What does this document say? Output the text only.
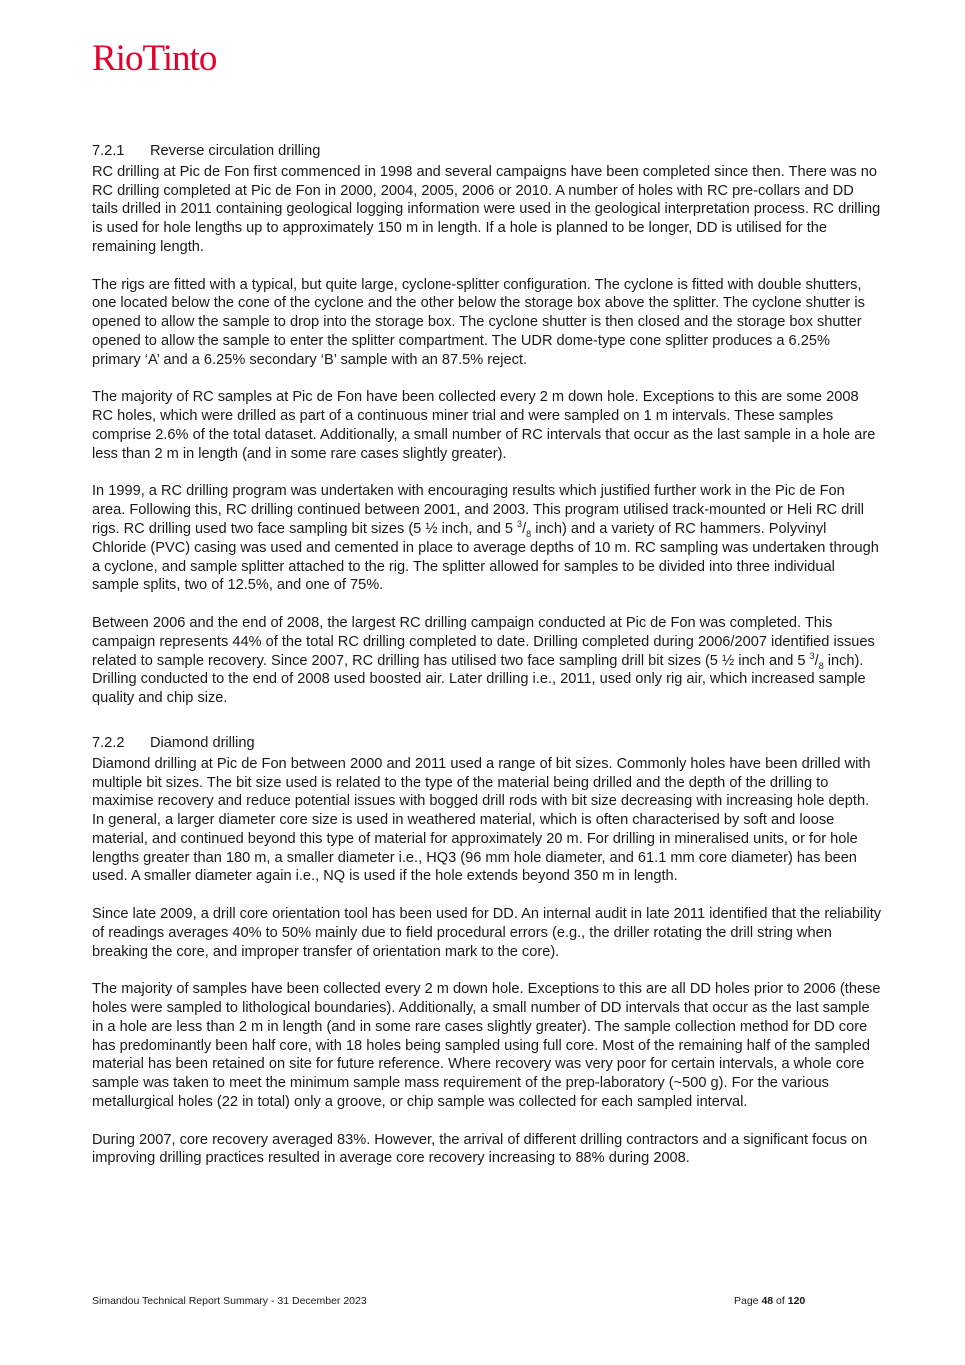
RioTinto
7.2.1	Reverse circulation drilling

RC drilling at Pic de Fon first commenced in 1998 and several campaigns have been completed since then. There was no RC drilling completed at Pic de Fon in 2000, 2004, 2005, 2006 or 2010. A number of holes with RC pre-collars and DD tails drilled in 2011 containing geological logging information were used in the geological interpretation process. RC drilling is used for hole lengths up to approximately 150 m in length. If a hole is planned to be longer, DD is utilised for the remaining length.

The rigs are fitted with a typical, but quite large, cyclone-splitter configuration. The cyclone is fitted with double shutters, one located below the cone of the cyclone and the other below the storage box above the splitter. The cyclone shutter is opened to allow the sample to drop into the storage box. The cyclone shutter is then closed and the storage box shutter opened to allow the sample to enter the splitter compartment. The UDR dome-type cone splitter produces a 6.25% primary ‘A’ and a 6.25% secondary ‘B’ sample with an 87.5% reject.

The majority of RC samples at Pic de Fon have been collected every 2 m down hole. Exceptions to this are some 2008 RC holes, which were drilled as part of a continuous miner trial and were sampled on 1 m intervals. These samples comprise 2.6% of the total dataset. Additionally, a small number of RC intervals that occur as the last sample in a hole are less than 2 m in length (and in some rare cases slightly greater).

In 1999, a RC drilling program was undertaken with encouraging results which justified further work in the Pic de Fon area. Following this, RC drilling continued between 2001, and 2003. This program utilised track-mounted or Heli RC drill rigs. RC drilling used two face sampling bit sizes (5 ½ inch, and 5 $^3/_8$ inch) and a variety of RC hammers. Polyvinyl Chloride (PVC) casing was used and cemented in place to average depths of 10 m. RC sampling was undertaken through a cyclone, and sample splitter attached to the rig. The splitter allowed for samples to be divided into three individual sample splits, two of 12.5%, and one of 75%.

Between 2006 and the end of 2008, the largest RC drilling campaign conducted at Pic de Fon was completed. This campaign represents 44% of the total RC drilling completed to date. Drilling completed during 2006/2007 identified issues related to sample recovery. Since 2007, RC drilling has utilised two face sampling drill bit sizes (5 ½ inch and 5 $^3/_8$ inch). Drilling conducted to the end of 2008 used boosted air. Later drilling i.e., 2011, used only rig air, which increased sample quality and chip size.

7.2.2	Diamond drilling

Diamond drilling at Pic de Fon between 2000 and 2011 used a range of bit sizes. Commonly holes have been drilled with multiple bit sizes. The bit size used is related to the type of the material being drilled and the depth of the drilling to maximise recovery and reduce potential issues with bogged drill rods with bit size decreasing with increasing hole depth. In general, a larger diameter core size is used in weathered material, which is often characterised by soft and loose material, and continued beyond this type of material for approximately 20 m. For drilling in mineralised units, or for hole lengths greater than 180 m, a smaller diameter i.e., HQ3 (96 mm hole diameter, and 61.1 mm core diameter) has been used. A smaller diameter again i.e., NQ is used if the hole extends beyond 350 m in length.

Since late 2009, a drill core orientation tool has been used for DD. An internal audit in late 2011 identified that the reliability of readings averages 40% to 50% mainly due to field procedural errors (e.g., the driller rotating the drill string when breaking the core, and improper transfer of orientation mark to the core).

The majority of samples have been collected every 2 m down hole. Exceptions to this are all DD holes prior to 2006 (these holes were sampled to lithological boundaries). Additionally, a small number of DD intervals that occur as the last sample in a hole are less than 2 m in length (and in some rare cases slightly greater). The sample collection method for DD core has predominantly been half core, with 18 holes being sampled using full core. Most of the remaining half of the sampled material has been retained on site for future reference. Where recovery was very poor for certain intervals, a whole core sample was taken to meet the minimum sample mass requirement of the prep-laboratory (~500 g). For the various metallurgical holes (22 in total) only a groove, or chip sample was collected for each sampled interval.

During 2007, core recovery averaged 83%. However, the arrival of different drilling contractors and a significant focus on improving drilling practices resulted in average core recovery increasing to 88% during 2008.

Simandou Technical Report Summary - 31 December 2023	Page 48 of 120
